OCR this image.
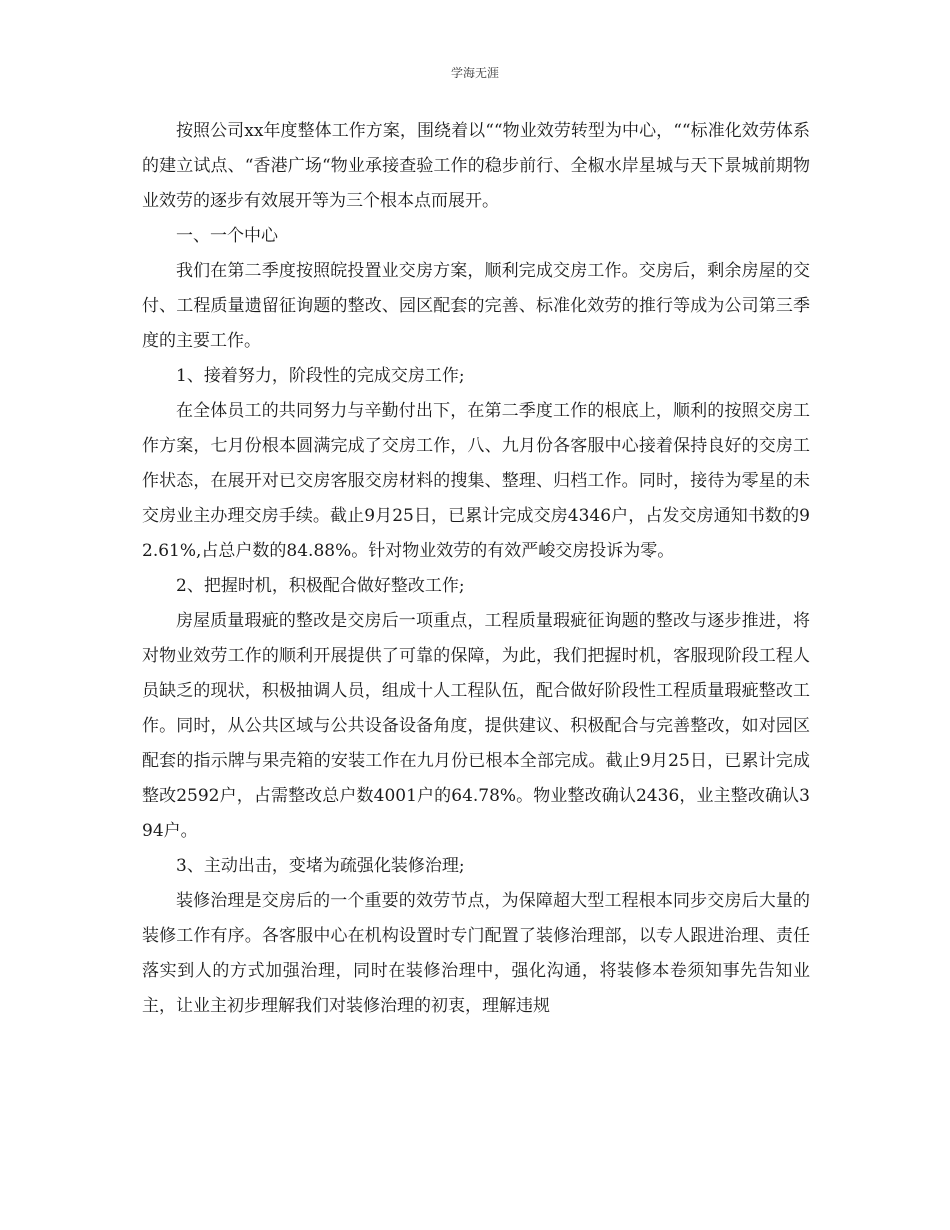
学海无涯

按照公司xx年度整体工作方案，围绕着以““物业效劳转型为中心，““标准化效劳体系的建立试点、“香港广场“物业承接查验工作的稳步前行、全椒水岸星城与天下景城前期物业效劳的逐步有效展开等为三个根本点而展开。

一、一个中心

我们在第二季度按照皖投置业交房方案，顺利完成交房工作。交房后，剩余房屋的交付、工程质量遗留征询题的整改、园区配套的完善、标准化效劳的推行等成为公司第三季度的主要工作。

1、接着努力，阶段性的完成交房工作;

在全体员工的共同努力与辛勤付出下，在第二季度工作的根底上，顺利的按照交房工作方案，七月份根本圆满完成了交房工作，八、九月份各客服中心接着保持良好的交房工作状态，在展开对已交房客服交房材料的搜集、整理、归档工作。同时，接待为零星的未交房业主办理交房手续。截止9月25日，已累计完成交房4346户，占发交房通知书数的92.61%,占总户数的84.88%。针对物业效劳的有效严峻交房投诉为零。

2、把握时机，积极配合做好整改工作;

房屋质量瑕疵的整改是交房后一项重点，工程质量瑕疵征询题的整改与逐步推进，将对物业效劳工作的顺利开展提供了可靠的保障，为此，我们把握时机，客服现阶段工程人员缺乏的现状，积极抽调人员，组成十人工程队伍，配合做好阶段性工程质量瑕疵整改工作。同时，从公共区域与公共设备设备角度，提供建议、积极配合与完善整改，如对园区配套的指示牌与果壳箱的安装工作在九月份已根本全部完成。截止9月25日，已累计完成整改2592户，占需整改总户数4001户的64.78%。物业整改确认2436，业主整改确认394户。

3、主动出击，变堵为疏强化装修治理;

装修治理是交房后的一个重要的效劳节点，为保障超大型工程根本同步交房后大量的装修工作有序。各客服中心在机构设置时专门配置了装修治理部，以专人跟进治理、责任落实到人的方式加强治理，同时在装修治理中，强化沟通，将装修本卷须知事先告知业主，让业主初步理解我们对装修治理的初衷，理解违规
